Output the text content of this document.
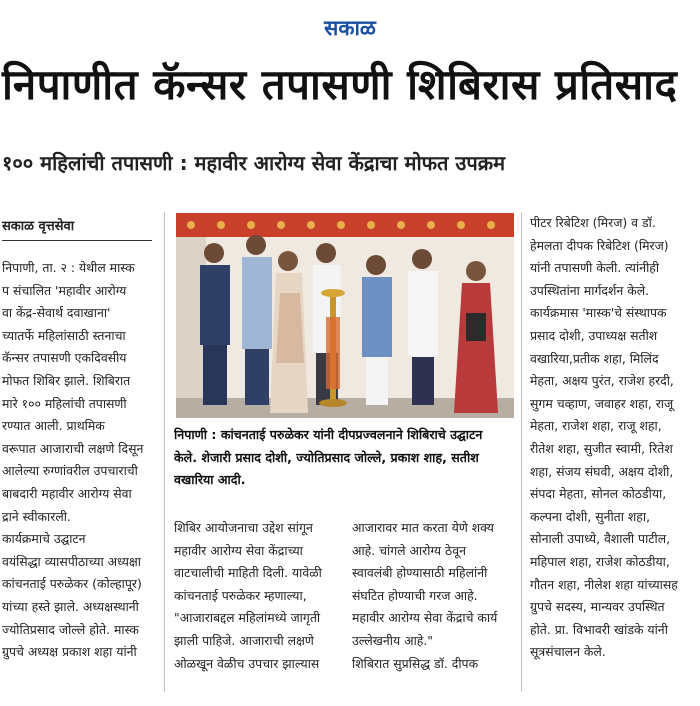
सकाळ
निपाणीत कॅन्सर तपासणी शिबिरास प्रतिसाद
१०० महिलांची तपासणी : महावीर आरोग्य सेवा केंद्राचा मोफत उपक्रम
सकाळ वृत्तसेवा
निपाणी, ता. २ : येथील मास्क
प संचालित 'महावीर आरोग्य
वा केंद्र-सेवार्थ दवाखाना'
च्यातर्फे महिलांसाठी स्तनाचा
कॅन्सर तपासणी एकदिवसीय
मोफत शिबिर झाले. शिबिरात
मारे १०० महिलांची तपासणी
रण्यात आली. प्राथमिक
वरूपात आजाराची लक्षणे दिसून
आलेल्या रुग्णांवरील उपचाराची
बाबदारी महावीर आरोग्य सेवा
द्राने स्वीकारली.
कार्यक्रमाचे उद्घाटन
वयंसिद्धा व्यासपीठाच्या अध्यक्षा
कांचनताई परुळेकर (कोल्हापूर)
यांच्या हस्ते झाले. अध्यक्षस्थानी
ज्योतिप्रसाद जोल्ले होते. मास्क
ग्रुपचे अध्यक्ष प्रकाश शहा यांनी
निपाणी : कांचनताई परुळेकर यांनी दीपप्रज्वलनाने शिबिराचे उद्घाटन
केले. शेजारी प्रसाद दोशी, ज्योतिप्रसाद जोल्ले, प्रकाश शाह, सतीश
वखारिया आदी.
शिबिर आयोजनाचा उद्देश सांगून
महावीर आरोग्य सेवा केंद्राच्या
वाटचालीची माहिती दिली. यावेळी
कांचनताई परुळेकर म्हणाल्या,
"आजाराबद्दल महिलांमध्ये जागृती
झाली पाहिजे. आजाराची लक्षणे
ओळखून वेळीच उपचार झाल्यास
आजारावर मात करता येणे शक्य
आहे. चांगले आरोग्य ठेवून
स्वावलंबी होण्यासाठी महिलांनी
संघटित होण्याची गरज आहे.
महावीर आरोग्य सेवा केंद्राचे कार्य
उल्लेखनीय आहे."
शिबिरात सुप्रसिद्ध डॉ. दीपक
पीटर रिबेटिश (मिरज) व डॉ.
हेमलता दीपक रिबेटिश (मिरज)
यांनी तपासणी केली. त्यांनीही
उपस्थितांना मार्गदर्शन केले.
कार्यक्रमास 'मास्क'चे संस्थापक
प्रसाद दोशी, उपाध्यक्ष सतीश
वखारिया,प्रतीक शहा, मिलिंद
मेहता, अक्षय पुरंत, राजेश हरदी,
सुगम चव्हाण, जवाहर शहा, राजू
मेहता, राजेश शहा, राजू शहा,
रीतेश शहा, सुजीत स्वामी, रितेश
शहा, संजय संघवी, अक्षय दोशी,
संपदा मेहता, सोनल कोठडीया,
कल्पना दोशी, सुनीता शहा,
सोनाली उपाध्ये, वैशाली पाटील,
महिपाल शहा, राजेश कोठडीया,
गौतन शहा, नीलेश शहा यांच्यासह
ग्रुपचे सदस्य, मान्यवर उपस्थित
होते. प्रा. विभावरी खांडके यांनी
सूत्रसंचालन केले.
